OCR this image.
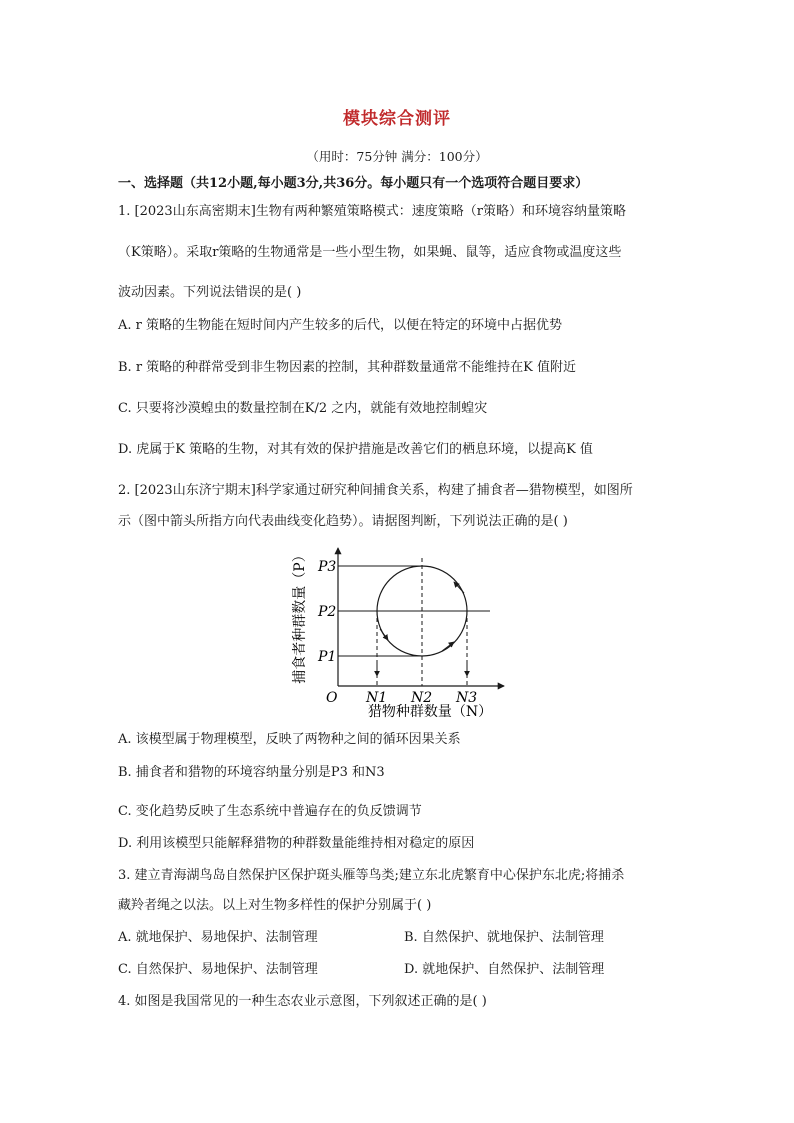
模块综合测评
（用时：75分钟 满分：100分）
一、选择题（共12小题,每小题3分,共36分。每小题只有一个选项符合题目要求）
1. [2023山东高密期末]生物有两种繁殖策略模式：速度策略（r策略）和环境容纳量策略
（K策略）。采取r策略的生物通常是一些小型生物，如果蝇、鼠等，适应食物或温度这些
波动因素。下列说法错误的是( )
A. r 策略的生物能在短时间内产生较多的后代，以便在特定的环境中占据优势
B. r 策略的种群常受到非生物因素的控制，其种群数量通常不能维持在K 值附近
C. 只要将沙漠蝗虫的数量控制在K/2 之内，就能有效地控制蝗灾
D. 虎属于K 策略的生物，对其有效的保护措施是改善它们的栖息环境，以提高K 值
2. [2023山东济宁期末]科学家通过研究种间捕食关系，构建了捕食者—猎物模型，如图所
示（图中箭头所指方向代表曲线变化趋势）。请据图判断，下列说法正确的是( )
P3
P2
P1
O N1 N2 N3
猎物种群数量（N）
捕食者种群数量（P）
A. 该模型属于物理模型，反映了两物种之间的循环因果关系
B. 捕食者和猎物的环境容纳量分别是P3 和N3
C. 变化趋势反映了生态系统中普遍存在的负反馈调节
D. 利用该模型只能解释猎物的种群数量能维持相对稳定的原因
3. 建立青海湖鸟岛自然保护区保护斑头雁等鸟类;建立东北虎繁育中心保护东北虎;将捕杀
藏羚者绳之以法。以上对生物多样性的保护分别属于( )
A. 就地保护、易地保护、法制管理	B. 自然保护、就地保护、法制管理
C. 自然保护、易地保护、法制管理	D. 就地保护、自然保护、法制管理
4. 如图是我国常见的一种生态农业示意图，下列叙述正确的是( )
